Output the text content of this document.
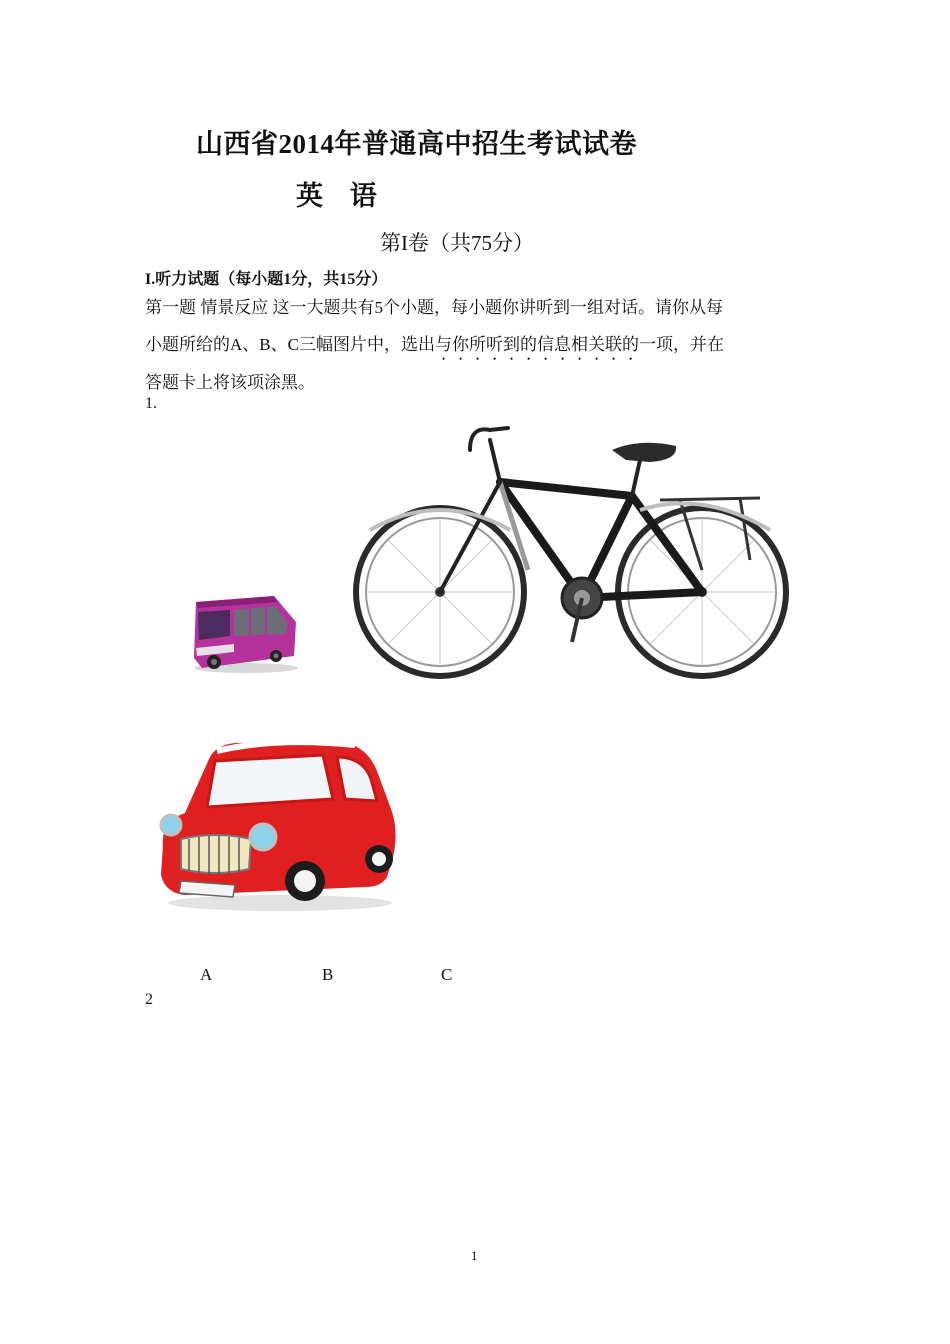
山西省2014年普通高中招生考试试卷
英 语
第I卷（共75分）
I.听力试题（每小题1分，共15分）
第一题 情景反应 这一大题共有5个小题，每小题你讲听到一组对话。请你从每
小题所给的A、B、C三幅图片中，选出与你所听到的信息相关联的一项，并在
答题卡上将该项涂黑。
1.
A	B	C
2
1
